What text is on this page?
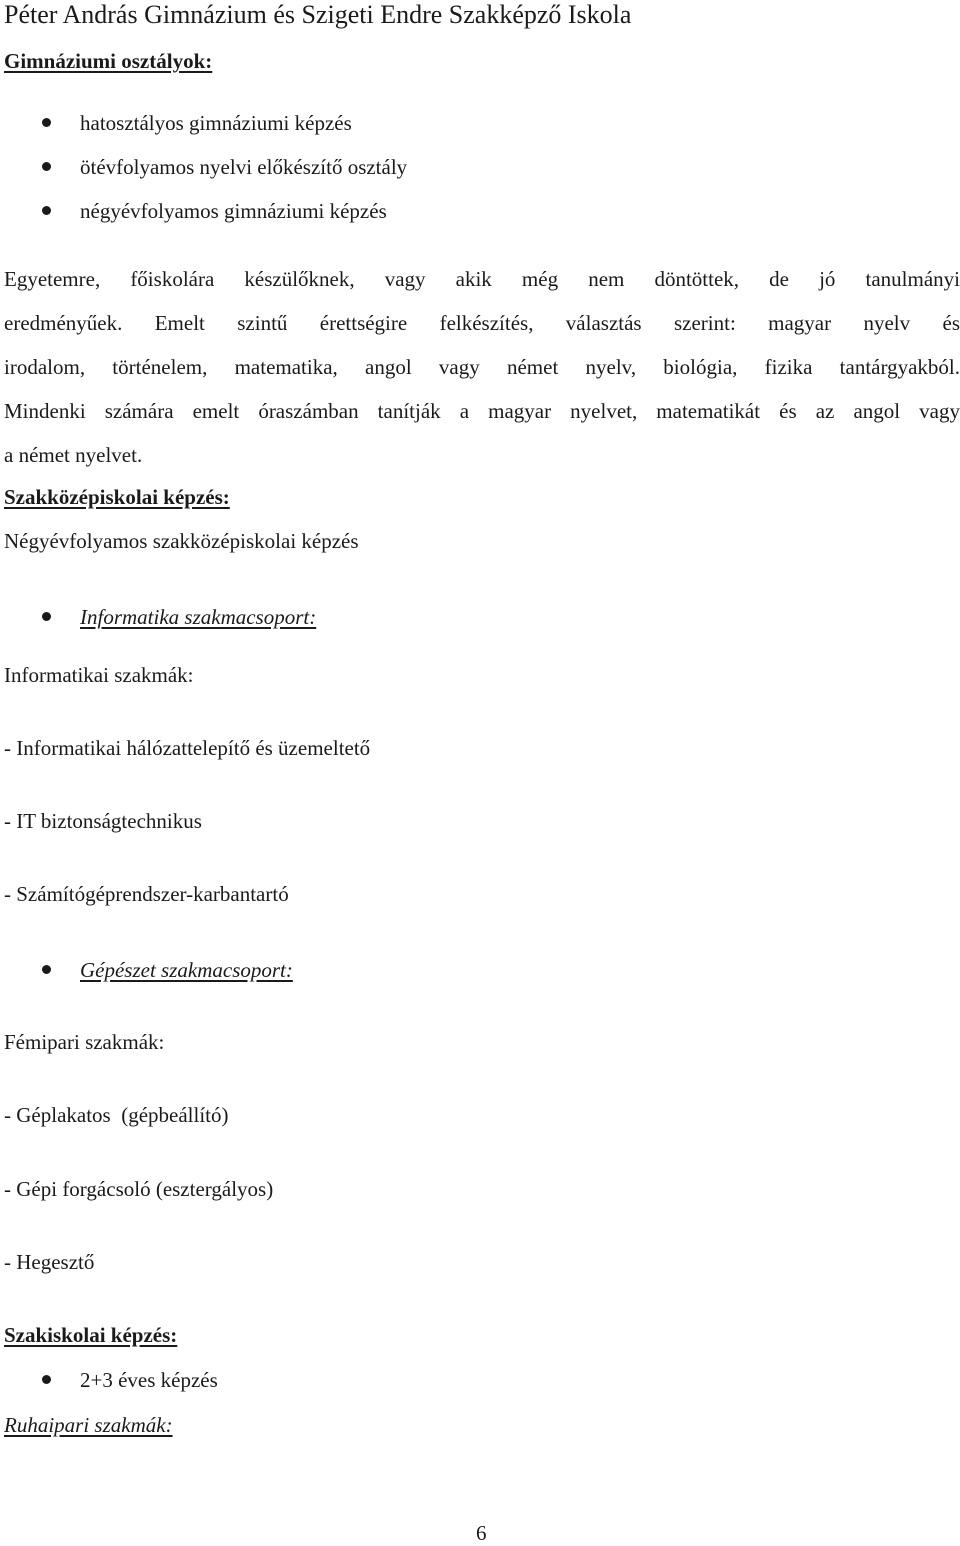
Péter András Gimnázium és Szigeti Endre Szakképző Iskola
Gimnáziumi osztályok:
hatosztályos gimnáziumi képzés
ötévfolyamos nyelvi előkészítő osztály
négyévfolyamos gimnáziumi képzés

Egyetemre, főiskolára készülőknek, vagy akik még nem döntöttek, de jó tanulmányi

eredményűek. Emelt szintű érettségire felkészítés, választás szerint: magyar nyelv és

irodalom, történelem, matematika, angol vagy német nyelv, biológia, fizika tantárgyakból.

Mindenki számára emelt óraszámban tanítják a magyar nyelvet, matematikát és az angol vagy

a német nyelvet.
Szakközépiskolai képzés:
Négyévfolyamos szakközépiskolai képzés
Informatika szakmacsoport:
Informatikai szakmák:
- Informatikai hálózattelepítő és üzemeltető
- IT biztonságtechnikus
- Számítógéprendszer-karbantartó
Gépészet szakmacsoport:
Fémipari szakmák:
- Géplakatos  (gépbeállító)
- Gépi forgácsoló (esztergályos)
- Hegesztő
Szakiskolai képzés:
2+3 éves képzés
Ruhaipari szakmák:
6
